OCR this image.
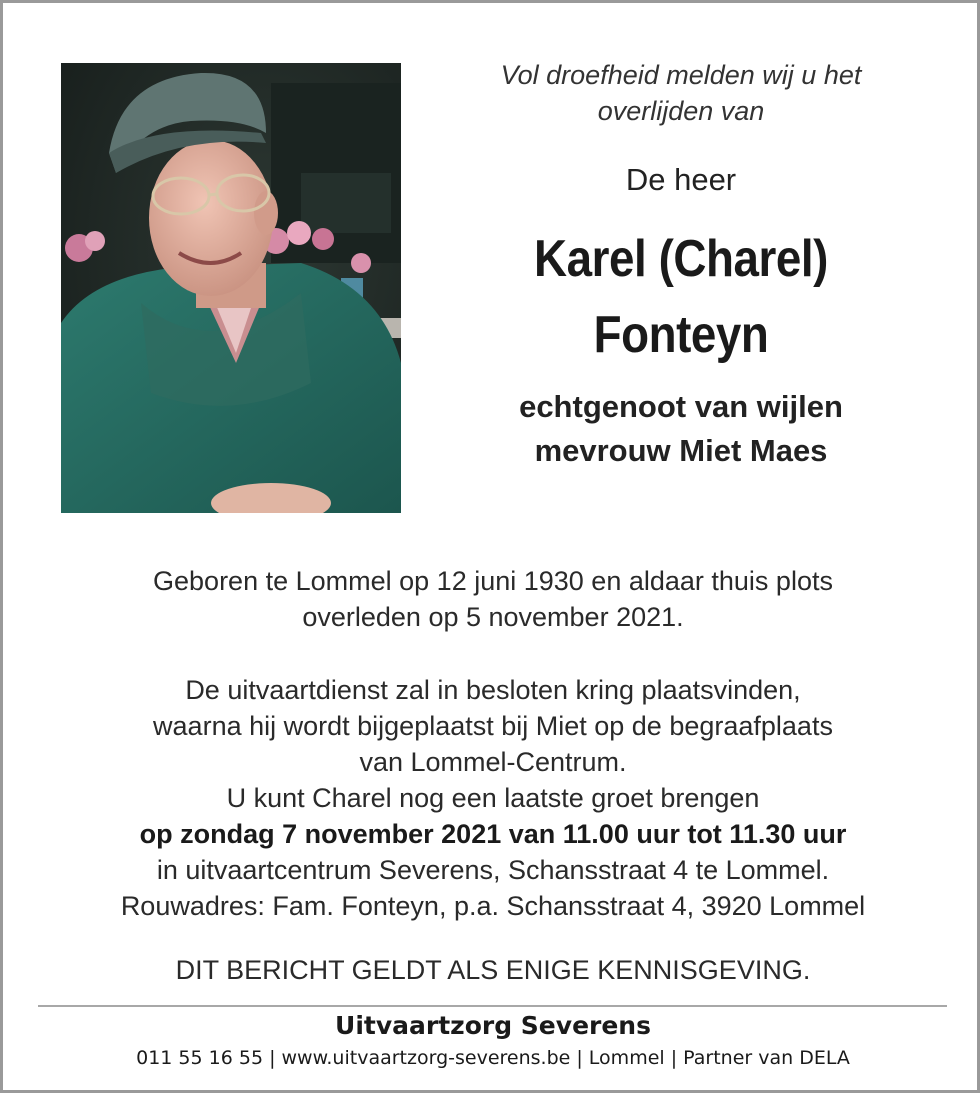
Vol droefheid melden wij u het
overlijden van

De heer

Karel (Charel)
Fonteyn

echtgenoot van wijlen
mevrouw Miet Maes

Geboren te Lommel op 12 juni 1930 en aldaar thuis plots

overleden op 5 november 2021.

De uitvaartdienst zal in besloten kring plaatsvinden,

waarna hij wordt bijgeplaatst bij Miet op de begraafplaats

van Lommel-Centrum.

U kunt Charel nog een laatste groet brengen

op zondag 7 november 2021 van 11.00 uur tot 11.30 uur

in uitvaartcentrum Severens, Schansstraat 4 te Lommel.

Rouwadres: Fam. Fonteyn, p.a. Schansstraat 4, 3920 Lommel

DIT BERICHT GELDT ALS ENIGE KENNISGEVING.

Uitvaartzorg Severens
011 55 16 55 | www.uitvaartzorg-severens.be | Lommel | Partner van DELA
